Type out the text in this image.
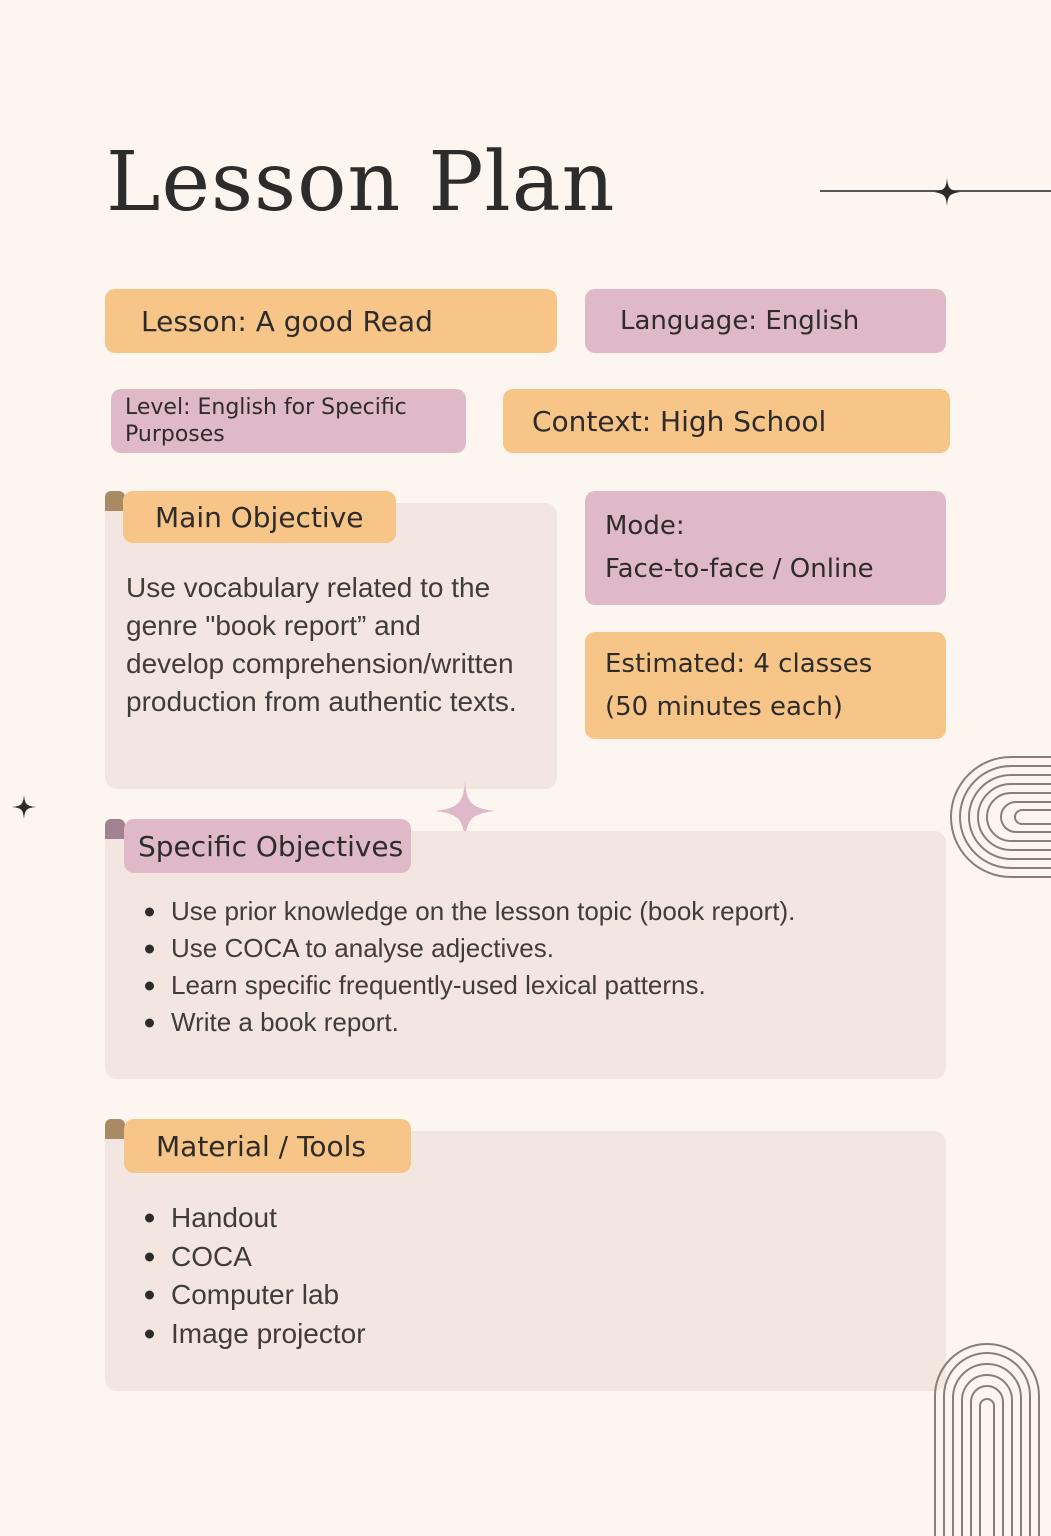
Lesson Plan
Lesson: A good Read	Language: English
Level: English for Specific
Purposes	Context: High School
Main Objective
Use vocabulary related to the
genre "book report” and
develop comprehension/written
production from authentic texts.
Mode:
Face-to-face / Online
Estimated: 4 classes
(50 minutes each)
Specific Objectives
Use prior knowledge on the lesson topic (book report).
Use COCA to analyse adjectives.
Learn specific frequently-used lexical patterns.
Write a book report.
Material / Tools
Handout
COCA
Computer lab
Image projector
